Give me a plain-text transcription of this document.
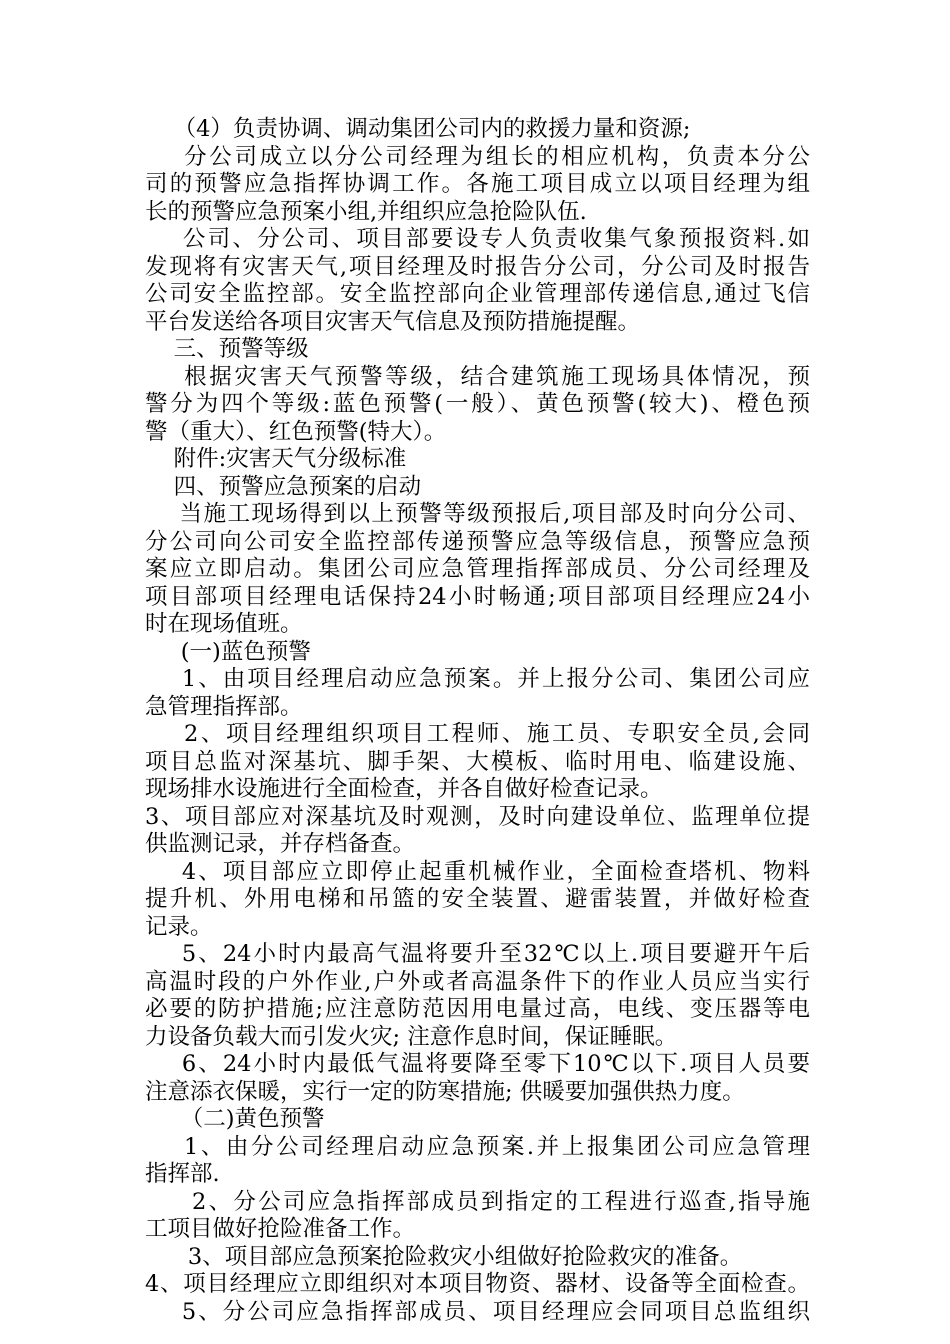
（4）负责协调、调动集团公司内的救援力量和资源;
分公司成立以分公司经理为组长的相应机构，负责本分公
司的预警应急指挥协调工作。各施工项目成立以项目经理为组
长的预警应急预案小组,并组织应急抢险队伍.
公司、分公司、项目部要设专人负责收集气象预报资料.如
发现将有灾害天气,项目经理及时报告分公司，分公司及时报告
公司安全监控部。安全监控部向企业管理部传递信息,通过飞信
平台发送给各项目灾害天气信息及预防措施提醒。
三、预警等级
根据灾害天气预警等级，结合建筑施工现场具体情况，预
警分为四个等级:蓝色预警(一般）、黄色预警(较大)、橙色预
警（重大）、红色预警(特大）。
附件:灾害天气分级标准
四、预警应急预案的启动
当施工现场得到以上预警等级预报后,项目部及时向分公司、
分公司向公司安全监控部传递预警应急等级信息，预警应急预
案应立即启动。集团公司应急管理指挥部成员、分公司经理及
项目部项目经理电话保持24小时畅通;项目部项目经理应24小
时在现场值班。
(一)蓝色预警
1、由项目经理启动应急预案。并上报分公司、集团公司应
急管理指挥部。
2、项目经理组织项目工程师、施工员、专职安全员,会同
项目总监对深基坑、脚手架、大模板、临时用电、临建设施、
现场排水设施进行全面检查，并各自做好检查记录。
3、项目部应对深基坑及时观测，及时向建设单位、监理单位提
供监测记录，并存档备查。
4、项目部应立即停止起重机械作业，全面检查塔机、物料
提升机、外用电梯和吊篮的安全装置、避雷装置，并做好检查
记录。
5、24小时内最高气温将要升至32℃以上.项目要避开午后
高温时段的户外作业,户外或者高温条件下的作业人员应当实行
必要的防护措施;应注意防范因用电量过高，电线、变压器等电
力设备负载大而引发火灾; 注意作息时间，保证睡眠。
6、24小时内最低气温将要降至零下10℃以下.项目人员要
注意添衣保暖，实行一定的防寒措施; 供暖要加强供热力度。
（二)黄色预警
1、由分公司经理启动应急预案.并上报集团公司应急管理
指挥部.
2、分公司应急指挥部成员到指定的工程进行巡查,指导施
工项目做好抢险准备工作。
3、项目部应急预案抢险救灾小组做好抢险救灾的准备。
4、项目经理应立即组织对本项目物资、器材、设备等全面检查。
5、分公司应急指挥部成员、项目经理应会同项目总监组织
